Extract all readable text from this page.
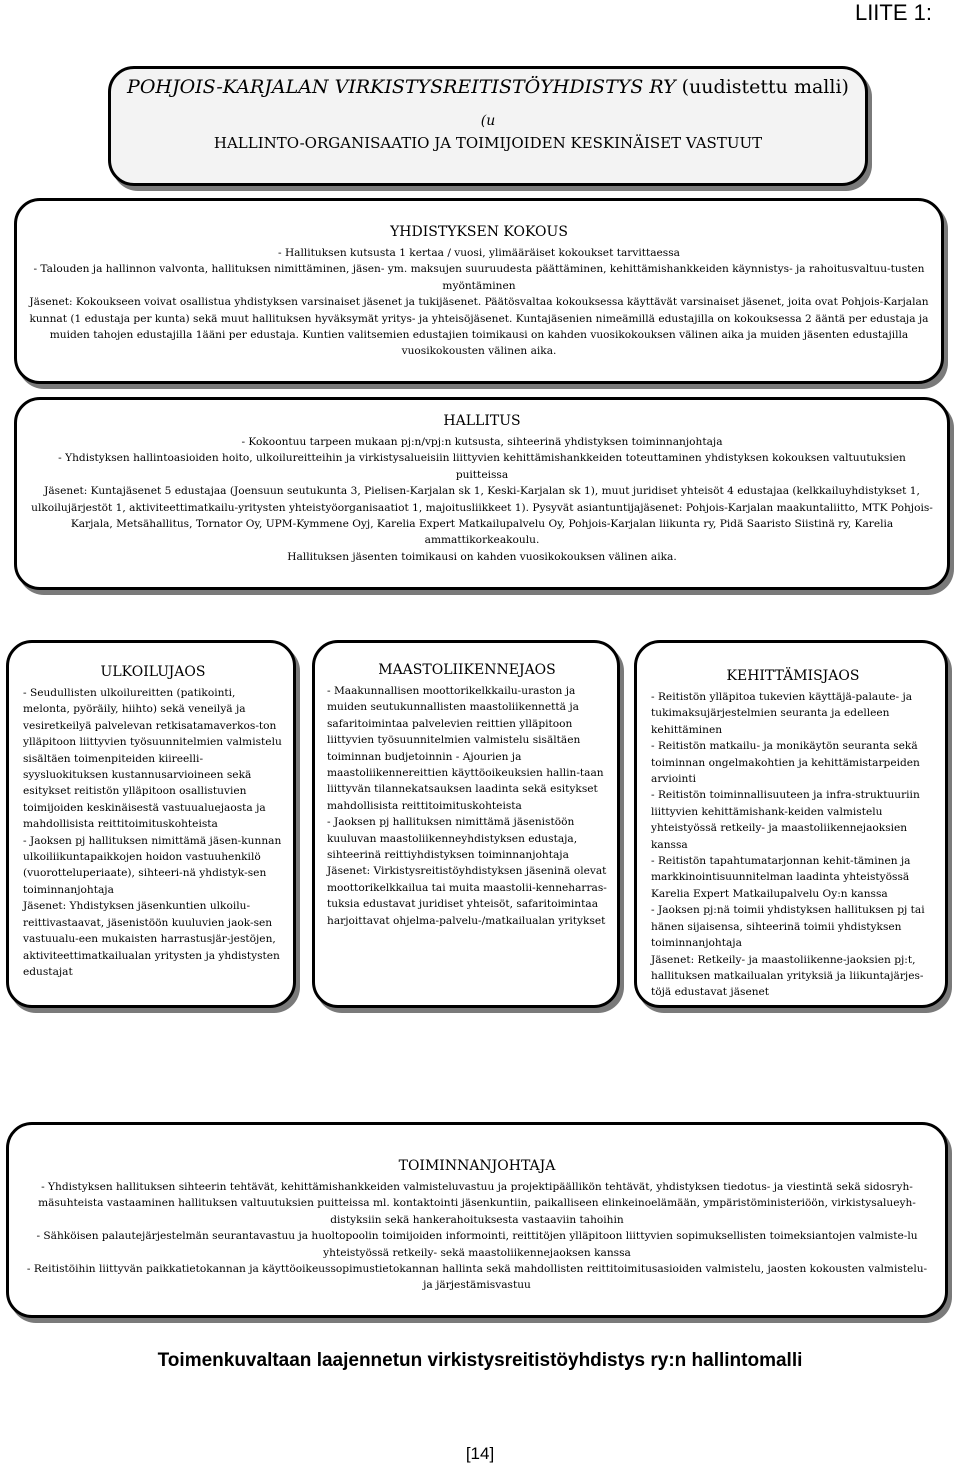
LIITE 1:
POHJOIS-KARJALAN VIRKISTYSREITISTÖYHDISTYS RY (uudistettu malli)
(u
HALLINTO-ORGANISAATIO JA TOIMIJOIDEN KESKINÄISET VASTUUT
YHDISTYKSEN KOKOUS

- Hallituksen kutsusta 1 kertaa / vuosi, ylimääräiset kokoukset tarvittaessa

- Talouden ja hallinnon valvonta, hallituksen nimittäminen, jäsen- ym. maksujen suuruudesta päättäminen, kehittämishankkeiden käynnistys- ja rahoitusvaltuu-tusten myöntäminen

Jäsenet: Kokoukseen voivat osallistua yhdistyksen varsinaiset jäsenet ja tukijäsenet. Päätösvaltaa kokouksessa käyttävät varsinaiset jäsenet, joita ovat Pohjois-Karjalan kunnat (1 edustaja per kunta) sekä muut hallituksen hyväksymät yritys- ja yhteisöjäsenet. Kuntajäsenien nimeämillä edustajilla on kokouksessa 2 ääntä per edustaja ja muiden tahojen edustajilla 1ääni per edustaja. Kuntien valitsemien edustajien toimikausi on kahden vuosikokouksen välinen aika ja muiden jäsenten edustajilla vuosikokousten välinen aika.

HALLITUS

- Kokoontuu tarpeen mukaan pj:n/vpj:n kutsusta, sihteerinä yhdistyksen toiminnanjohtaja

- Yhdistyksen hallintoasioiden hoito, ulkoilureitteihin ja virkistysalueisiin liittyvien kehittämishankkeiden toteuttaminen yhdistyksen kokouksen valtuutuksien puitteissa

Jäsenet: Kuntajäsenet 5 edustajaa (Joensuun seutukunta 3, Pielisen-Karjalan sk 1, Keski-Karjalan sk 1), muut juridiset yhteisöt 4 edustajaa (kelkkailuyhdistykset 1, ulkoilujärjestöt 1, aktiviteettimatkailu-yritysten yhteistyöorganisaatiot 1, majoitusliikkeet 1). Pysyvät asiantuntijajäsenet: Pohjois-Karjalan maakuntaliitto, MTK Pohjois-Karjala, Metsähallitus, Tornator Oy, UPM-Kymmene Oyj, Karelia Expert Matkailupalvelu Oy, Pohjois-Karjalan liikunta ry, Pidä Saaristo Siistinä ry, Karelia ammattikorkeakoulu.

Hallituksen jäsenten toimikausi on kahden vuosikokouksen välinen aika.

ULKOILUJAOS

- Seudullisten ulkoilureitten (patikointi, melonta, pyöräily, hiihto) sekä veneilyä ja vesiretkeilyä palvelevan retkisatamaverkos-ton ylläpitoon liittyvien työsuunnitelmien valmistelu sisältäen toimenpiteiden kiireelli-syysluokituksen kustannusarvioineen sekä esitykset reitistön ylläpitoon osallistuvien toimijoiden keskinäisestä vastuualuejaosta ja mahdollisista reittitoimituskohteista

- Jaoksen pj hallituksen nimittämä jäsen-kunnan ulkoiliikuntapaikkojen hoidon vastuuhenkilö (vuorotteluperiaate), sihteeri-nä yhdistyk-sen toiminnanjohtaja

Jäsenet: Yhdistyksen jäsenkuntien ulkoilu-reittivastaavat, jäsenistöön kuuluvien jaok-sen vastuualu-een mukaisten harrastusjär-jestöjen, aktiviteettimatkailualan yritysten ja yhdistysten edustajat

MAASTOLIIKENNEJAOS

- Maakunnallisen moottorikelkkailu-uraston ja muiden seutukunnallisten maastoliikennettä ja safaritoimintaa palvelevien reittien ylläpitoon liittyvien työsuunnitelmien valmistelu sisältäen toiminnan budjetoinnin - Ajourien ja maastoliikennereittien käyttöoikeuksien hallin-taan liittyvän tilannekatsauksen laadinta sekä esitykset mahdollisista reittitoimituskohteista

- Jaoksen pj hallituksen nimittämä jäsenistöön kuuluvan maastoliikenneyhdistyksen edustaja, sihteerinä reittiyhdistyksen toiminnanjohtaja

Jäsenet: Virkistysreitistöyhdistyksen jäseninä olevat moottorikelkkailua tai muita maastolii-kenneharras-tuksia edustavat juridiset yhteisöt, safaritoimintaa harjoittavat ohjelma-palvelu-/matkailualan yritykset

KEHITTÄMISJAOS

- Reitistön ylläpitoa tukevien käyttäjä-palaute- ja tukimaksujärjestelmien seuranta ja edelleen kehittäminen

- Reitistön matkailu- ja monikäytön seuranta sekä toiminnan ongelmakohtien ja kehittämistarpeiden arviointi

- Reitistön toiminnallisuuteen ja infra-struktuuriin liittyvien kehittämishank-keiden valmistelu yhteistyössä retkeily- ja maastoliikennejaoksien kanssa

- Reitistön tapahtumatarjonnan kehit-täminen ja markkinointisuunnitelman laadinta yhteistyössä Karelia Expert Matkailupalvelu Oy:n kanssa

- Jaoksen pj:nä toimii yhdistyksen hallituksen pj tai hänen sijaisensa, sihteerinä toimii yhdistyksen toiminnanjohtaja

Jäsenet: Retkeily- ja maastoliikenne-jaoksien pj:t, hallituksen matkailualan yrityksiä ja liikuntajärjes-töjä edustavat jäsenet

TOIMINNANJOHTAJA

- Yhdistyksen hallituksen sihteerin tehtävät, kehittämishankkeiden valmisteluvastuu ja projektipäällikön tehtävät, yhdistyksen tiedotus- ja viestintä sekä sidosryh-mäsuhteista vastaaminen hallituksen valtuutuksien puitteissa ml. kontaktointi jäsenkuntiin, paikalliseen elinkeinoelämään, ympäristöministeriöön, virkistysalueyh-distyksiin sekä hankerahoituksesta vastaaviin tahoihin

- Sähköisen palautejärjestelmän seurantavastuu ja huoltopoolin toimijoiden informointi, reittitöjen ylläpitoon liittyvien sopimuksellisten toimeksiantojen valmiste-lu yhteistyössä retkeily- sekä maastoliikennejaoksen kanssa

- Reitistöihin liittyvän paikkatietokannan ja käyttöoikeussopimustietokannan hallinta sekä mahdollisten reittitoimitusasioiden valmistelu, jaosten kokousten valmistelu- ja järjestämisvastuu

Toimenkuvaltaan laajennetun virkistysreitistöyhdistys ry:n hallintomalli
[14]
